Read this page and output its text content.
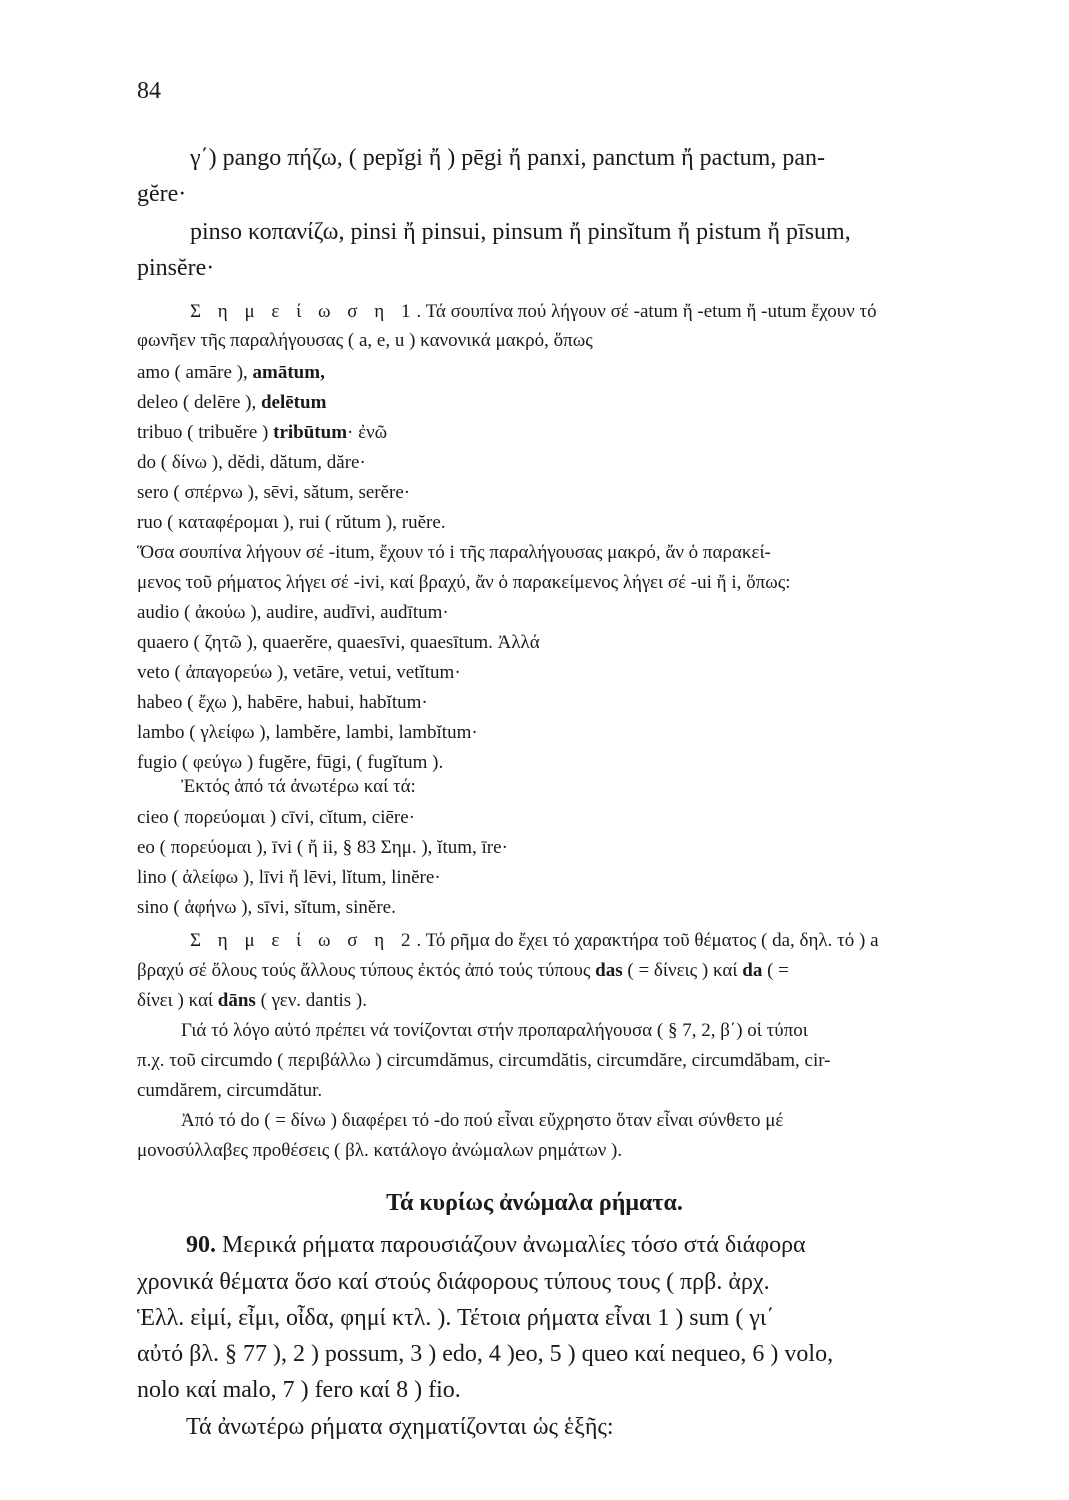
84
γ΄) pango πήζω, ( pepĭgi ἤ ) pēgi ἤ panxi, panctum ἤ pactum, pan-
gĕre·
pinso κοπανίζω, pinsi ἤ pinsui, pinsum ἤ pinsĭtum ἤ pistum ἤ pīsum,
pinsĕre·
Σ η μ ε ί ω σ η 1. Τά σουπίνα πού λήγουν σέ -atum ἤ -etum ἤ -utum ἔχουν τό
φωνῆεν τῆς παραλήγουσας ( a, e, u ) κανονικά μακρό, ὅπως
amo ( amāre ), amātum,
deleo ( delēre ), delētum
tribuo ( tribuĕre ) tribūtum· ἐνῶ
do ( δίνω ), dĕdi, dătum, dăre·
sero ( σπέρνω ), sēvi, sătum, serĕre·
ruo ( καταφέρομαι ), rui ( rŭtum ), ruĕre.
Ὅσα σουπίνα λήγουν σέ -itum, ἔχουν τό i τῆς παραλήγουσας μακρό, ἄν ὁ παρακεί-
μενος τοῦ ρήματος λήγει σέ -ivi, καί βραχύ, ἄν ὁ παρακείμενος λήγει σέ -ui ἤ i, ὅπως:
audio ( ἀκούω ), audire, audīvi, audītum·
quaero ( ζητῶ ), quaerĕre, quaesīvi, quaesītum. Ἀλλά
veto ( ἀπαγορεύω ), vetāre, vetui, vetĭtum·
habeo ( ἔχω ), habēre, habui, habĭtum·
lambo ( γλείφω ), lambĕre, lambi, lambĭtum·
fugio ( φεύγω ) fugĕre, fūgi, ( fugĭtum ).
Ἐκτός ἀπό τά ἀνωτέρω καί τά:
cieo ( πορεύομαι ) cīvi, cĭtum, ciēre·
eo ( πορεύομαι ), īvi ( ἤ ii, § 83 Σημ. ), ĭtum, īre·
lino ( ἀλείφω ), līvi ἤ lēvi, lĭtum, linĕre·
sino ( ἀφήνω ), sīvi, sĭtum, sinĕre.
Σ η μ ε ί ω σ η 2. Τό ρῆμα do ἔχει τό χαρακτήρα τοῦ θέματος ( da, δηλ. τό ) a
βραχύ σέ ὅλους τούς ἄλλους τύπους ἐκτός ἀπό τούς τύπους das ( = δίνεις ) καί da ( =
δίνει ) καί dāns ( γεν. dantis ).
Γιά τό λόγο αὐτό πρέπει νά τονίζονται στήν προπαραλήγουσα ( § 7, 2, β΄) οἱ τύποι
π.χ. τοῦ circumdo ( περιβάλλω ) circumdămus, circumdătis, circumdăre, circumdăbam, cir-
cumdărem, circumdătur.
Ἀπό τό do ( = δίνω ) διαφέρει τό -do πού εἶναι εὔχρηστο ὅταν εἶναι σύνθετο μέ
μονοσύλλαβες προθέσεις ( βλ. κατάλογο ἀνώμαλων ρημάτων ).
Τά κυρίως ἀνώμαλα ρήματα.
90. Μερικά ρήματα παρουσιάζουν ἀνωμαλίες τόσο στά διάφορα
χρονικά θέματα ὅσο καί στούς διάφορους τύπους τους ( πρβ. ἀρχ.
Ἑλλ. εἰμί, εἶμι, οἶδα, φημί κτλ. ). Τέτοια ρήματα εἶναι 1 ) sum ( γι΄
αὐτό βλ. § 77 ), 2 ) possum, 3 ) edo, 4 )eo, 5 ) queo καί nequeo, 6 ) volo,
nolo καί malo, 7 ) fero καί 8 ) fio.
Τά ἀνωτέρω ρήματα σχηματίζονται ὡς ἑξῆς:
